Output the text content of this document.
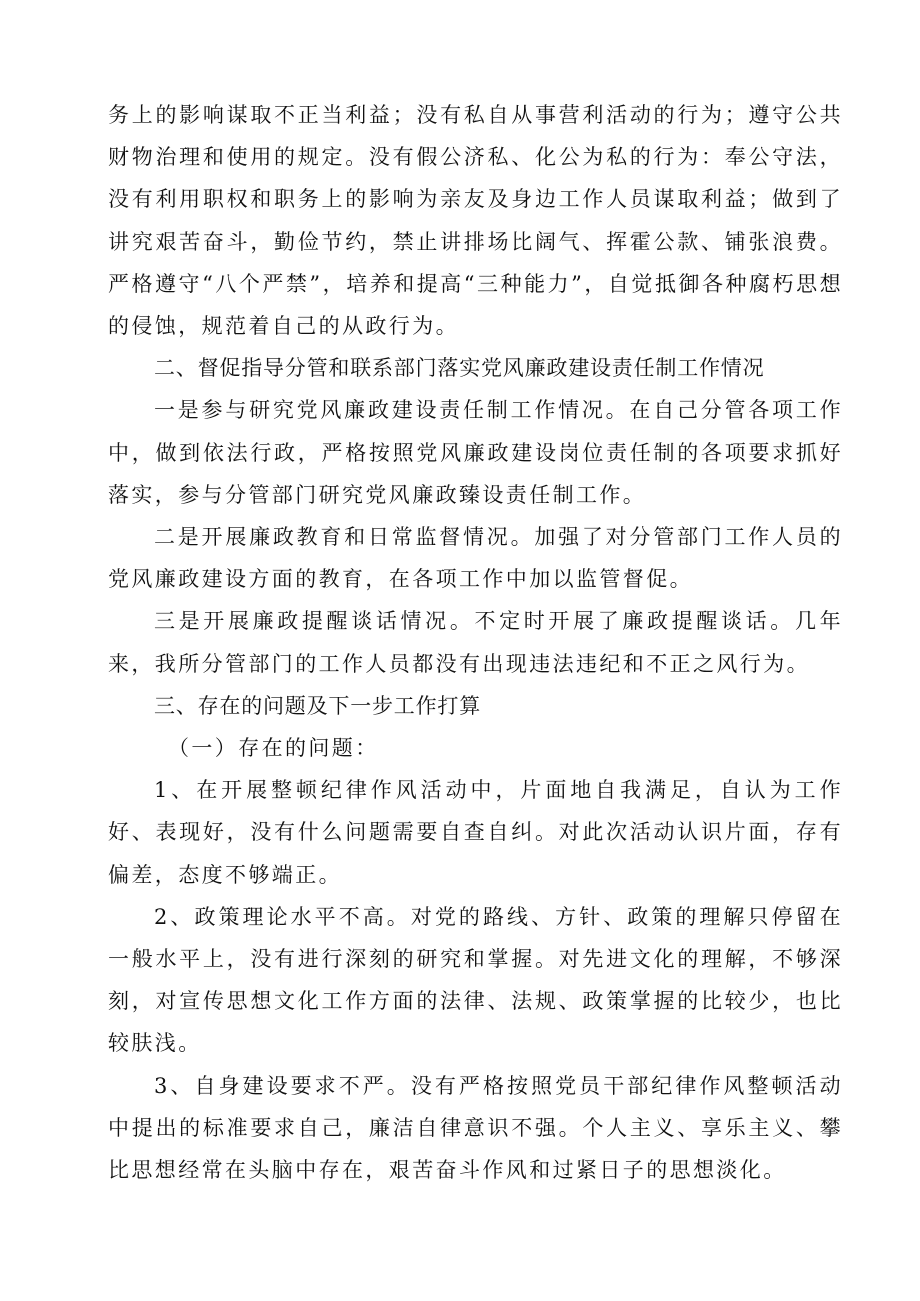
务上的影响谋取不正当利益；没有私自从事营利活动的行为；遵守公共财物治理和使用的规定。没有假公济私、化公为私的行为：奉公守法，没有利用职权和职务上的影响为亲友及身边工作人员谋取利益；做到了讲究艰苦奋斗，勤俭节约，禁止讲排场比阔气、挥霍公款、铺张浪费。严格遵守“八个严禁”，培养和提高“三种能力”，自觉抵御各种腐朽思想的侵蚀，规范着自己的从政行为。

二、督促指导分管和联系部门落实党风廉政建设责任制工作情况

一是参与研究党风廉政建设责任制工作情况。在自己分管各项工作中，做到依法行政，严格按照党风廉政建设岗位责任制的各项要求抓好落实，参与分管部门研究党风廉政臻设责任制工作。

二是开展廉政教育和日常监督情况。加强了对分管部门工作人员的党风廉政建设方面的教育，在各项工作中加以监管督促。

三是开展廉政提醒谈话情况。不定时开展了廉政提醒谈话。几年来，我所分管部门的工作人员都没有出现违法违纪和不正之风行为。

三、存在的问题及下一步工作打算

（一）存在的问题：

1、在开展整顿纪律作风活动中，片面地自我满足，自认为工作好、表现好，没有什么问题需要自查自纠。对此次活动认识片面，存有偏差，态度不够端正。

2、政策理论水平不高。对党的路线、方针、政策的理解只停留在一般水平上，没有进行深刻的研究和掌握。对先进文化的理解，不够深刻，对宣传思想文化工作方面的法律、法规、政策掌握的比较少，也比较肤浅。

3、自身建设要求不严。没有严格按照党员干部纪律作风整顿活动中提出的标准要求自己，廉洁自律意识不强。个人主义、享乐主义、攀比思想经常在头脑中存在，艰苦奋斗作风和过紧日子的思想淡化。
